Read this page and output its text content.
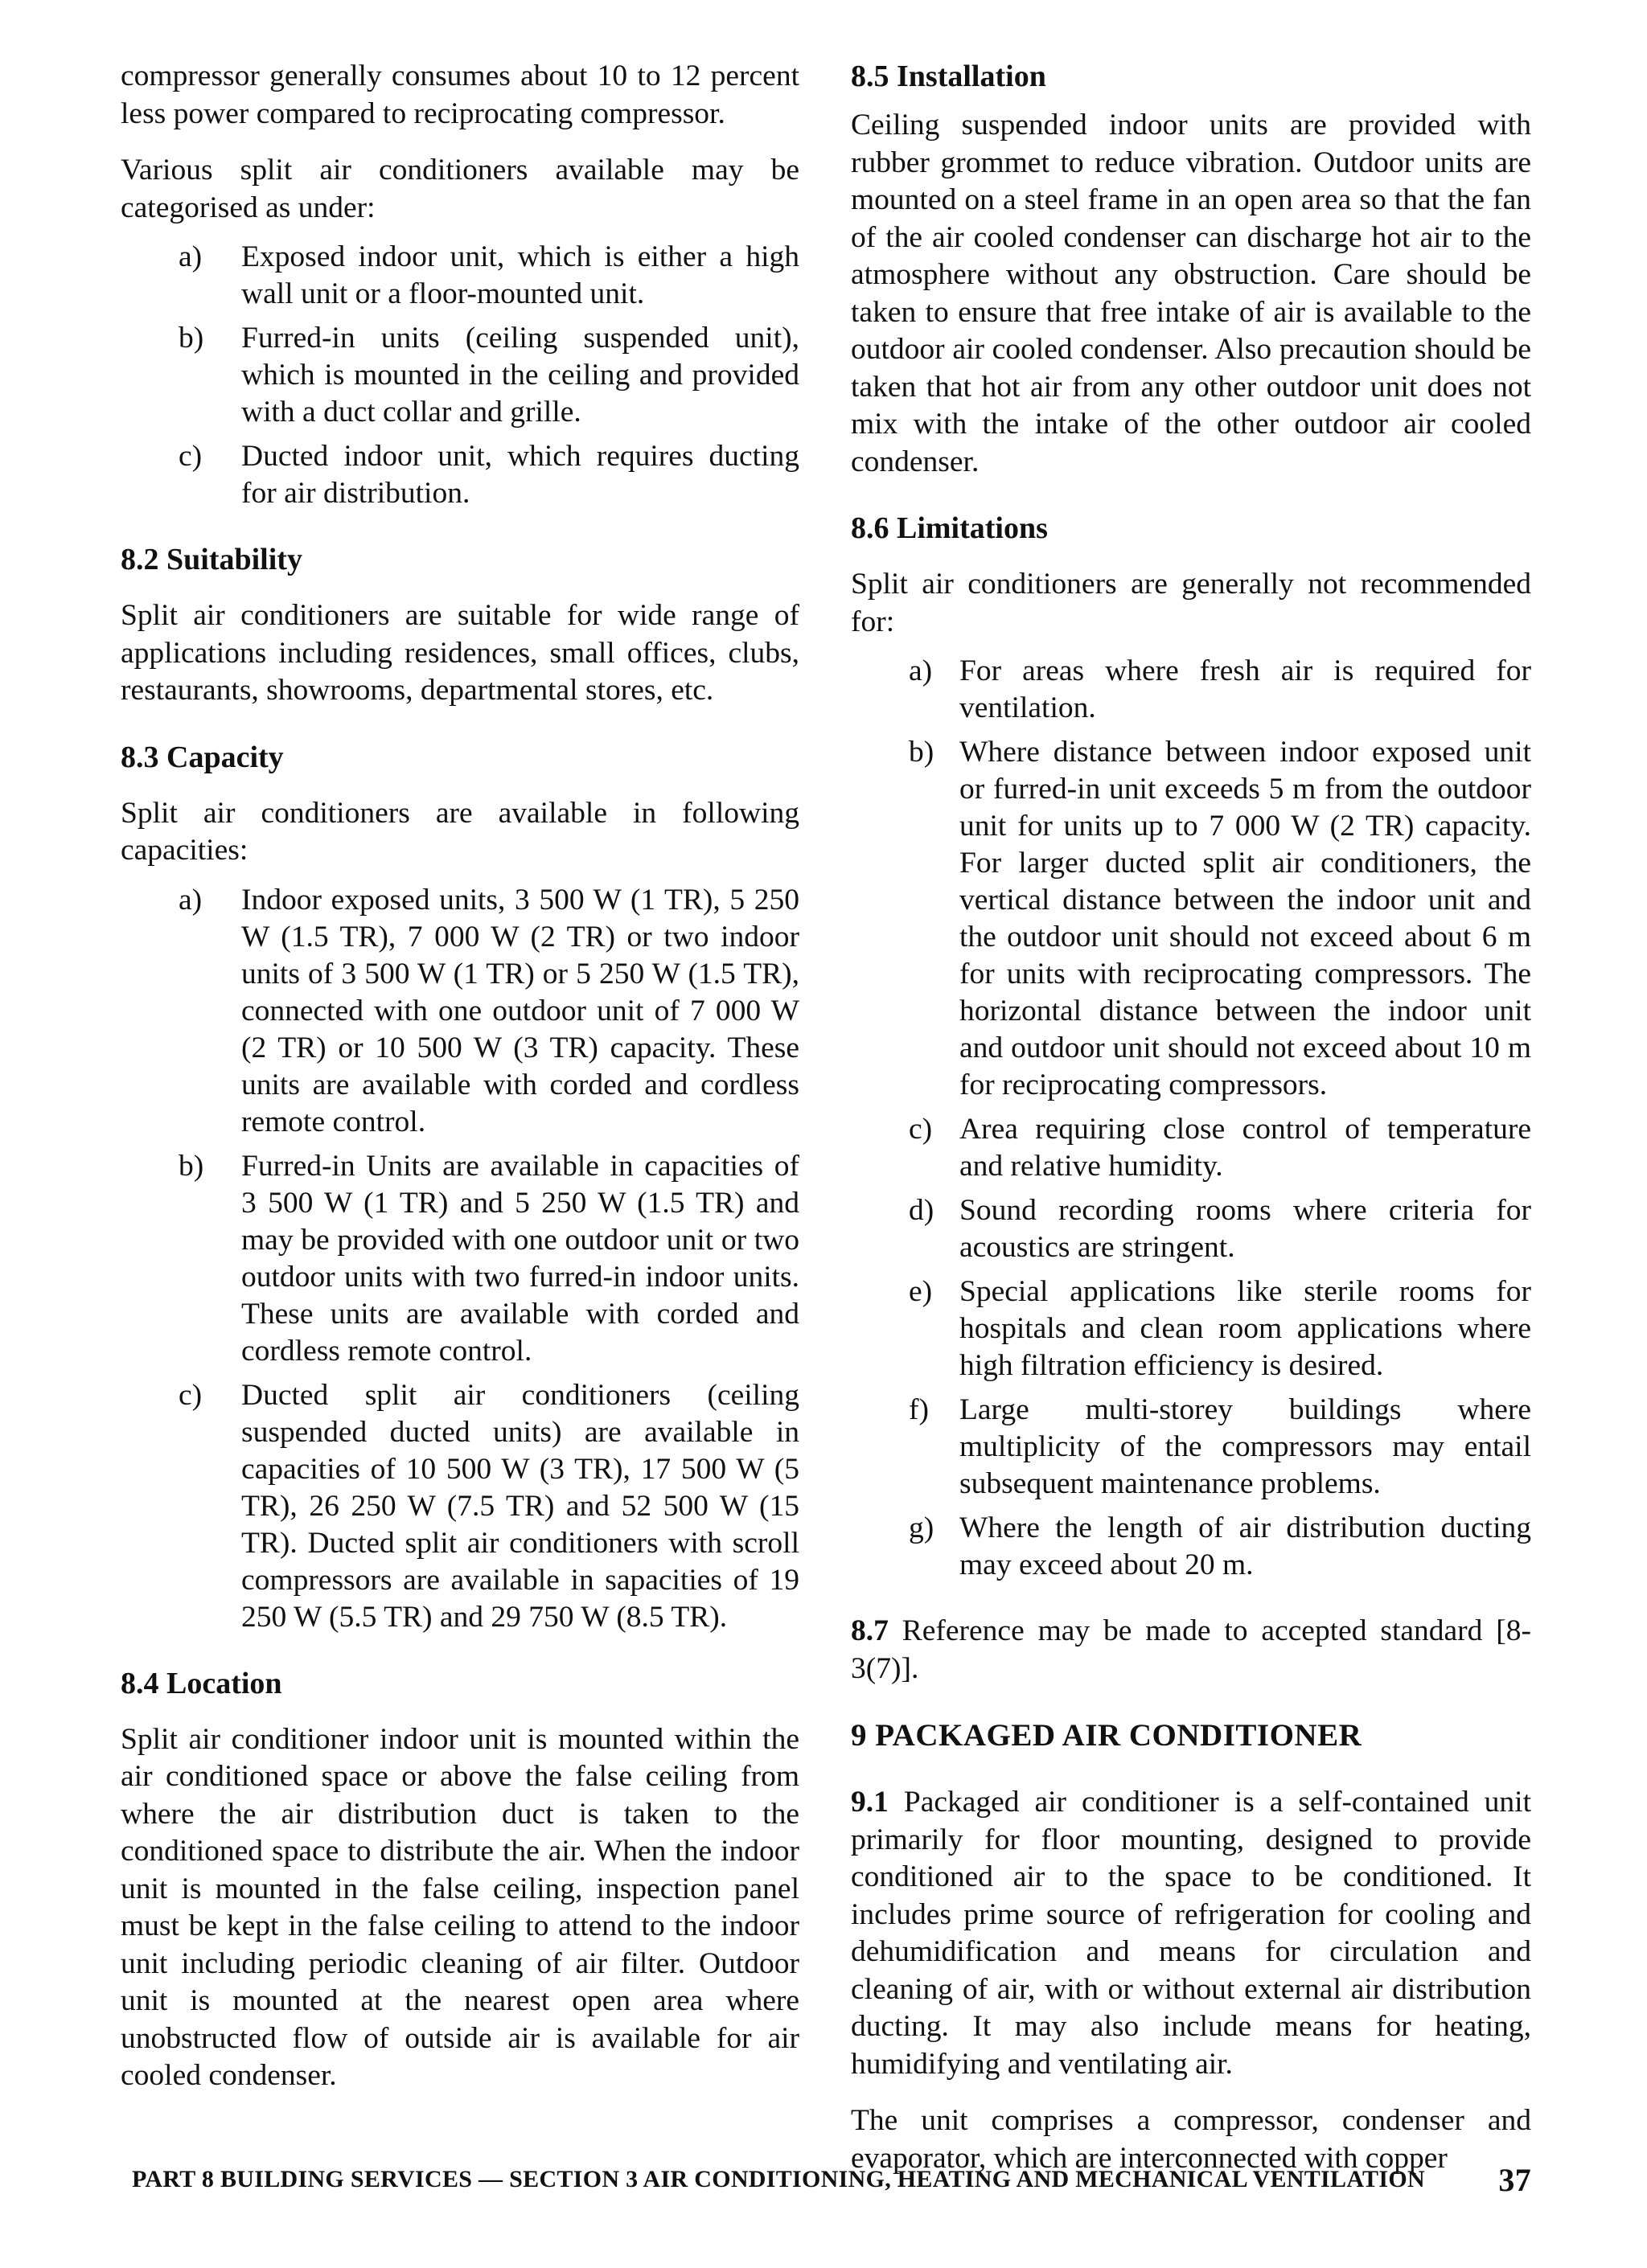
compressor generally consumes about 10 to 12 percent less power compared to reciprocating compressor.

Various split air conditioners available may be categorised as under:

a) Exposed indoor unit, which is either a high wall unit or a floor-mounted unit.
b) Furred-in units (ceiling suspended unit), which is mounted in the ceiling and provided with a duct collar and grille.
c) Ducted indoor unit, which requires ducting for air distribution.
8.2 Suitability

Split air conditioners are suitable for wide range of applications including residences, small offices, clubs, restaurants, showrooms, departmental stores, etc.

8.3 Capacity

Split air conditioners are available in following capacities:

a) Indoor exposed units, 3 500 W (1 TR), 5 250 W (1.5 TR), 7 000 W (2 TR) or two indoor units of 3 500 W (1 TR) or 5 250 W (1.5 TR), connected with one outdoor unit of 7 000 W (2 TR) or 10 500 W (3 TR) capacity. These units are available with corded and cordless remote control.
b) Furred-in Units are available in capacities of 3 500 W (1 TR) and 5 250 W (1.5 TR) and may be provided with one outdoor unit or two outdoor units with two furred-in indoor units. These units are available with corded and cordless remote control.
c) Ducted split air conditioners (ceiling suspended ducted units) are available in capacities of 10 500 W (3 TR), 17 500 W (5 TR), 26 250 W (7.5 TR) and 52 500 W (15 TR). Ducted split air conditioners with scroll compressors are available in sapacities of 19 250 W (5.5 TR) and 29 750 W (8.5 TR).
8.4 Location

Split air conditioner indoor unit is mounted within the air conditioned space or above the false ceiling from where the air distribution duct is taken to the conditioned space to distribute the air. When the indoor unit is mounted in the false ceiling, inspection panel must be kept in the false ceiling to attend to the indoor unit including periodic cleaning of air filter. Outdoor unit is mounted at the nearest open area where unobstructed flow of outside air is available for air cooled condenser.

8.5 Installation

Ceiling suspended indoor units are provided with rubber grommet to reduce vibration. Outdoor units are mounted on a steel frame in an open area so that the fan of the air cooled condenser can discharge hot air to the atmosphere without any obstruction. Care should be taken to ensure that free intake of air is available to the outdoor air cooled condenser. Also precaution should be taken that hot air from any other outdoor unit does not mix with the intake of the other outdoor air cooled condenser.

8.6 Limitations

Split air conditioners are generally not recommended for:

a) For areas where fresh air is required for ventilation.
b) Where distance between indoor exposed unit or furred-in unit exceeds 5 m from the outdoor unit for units up to 7 000 W (2 TR) capacity. For larger ducted split air conditioners, the vertical distance between the indoor unit and the outdoor unit should not exceed about 6 m for units with reciprocating compressors. The horizontal distance between the indoor unit and outdoor unit should not exceed about 10 m for reciprocating compressors.
c) Area requiring close control of temperature and relative humidity.
d) Sound recording rooms where criteria for acoustics are stringent.
e) Special applications like sterile rooms for hospitals and clean room applications where high filtration efficiency is desired.
f) Large multi-storey buildings where multiplicity of the compressors may entail subsequent maintenance problems.
g) Where the length of air distribution ducting may exceed about 20 m.

8.7 Reference may be made to accepted standard [8-3(7)].

9 PACKAGED AIR CONDITIONER

9.1 Packaged air conditioner is a self-contained unit primarily for floor mounting, designed to provide conditioned air to the space to be conditioned. It includes prime source of refrigeration for cooling and dehumidification and means for circulation and cleaning of air, with or without external air distribution ducting. It may also include means for heating, humidifying and ventilating air.

The unit comprises a compressor, condenser and evaporator, which are interconnected with copper

PART 8 BUILDING SERVICES — SECTION 3 AIR CONDITIONING, HEATING AND MECHANICAL VENTILATION 37
